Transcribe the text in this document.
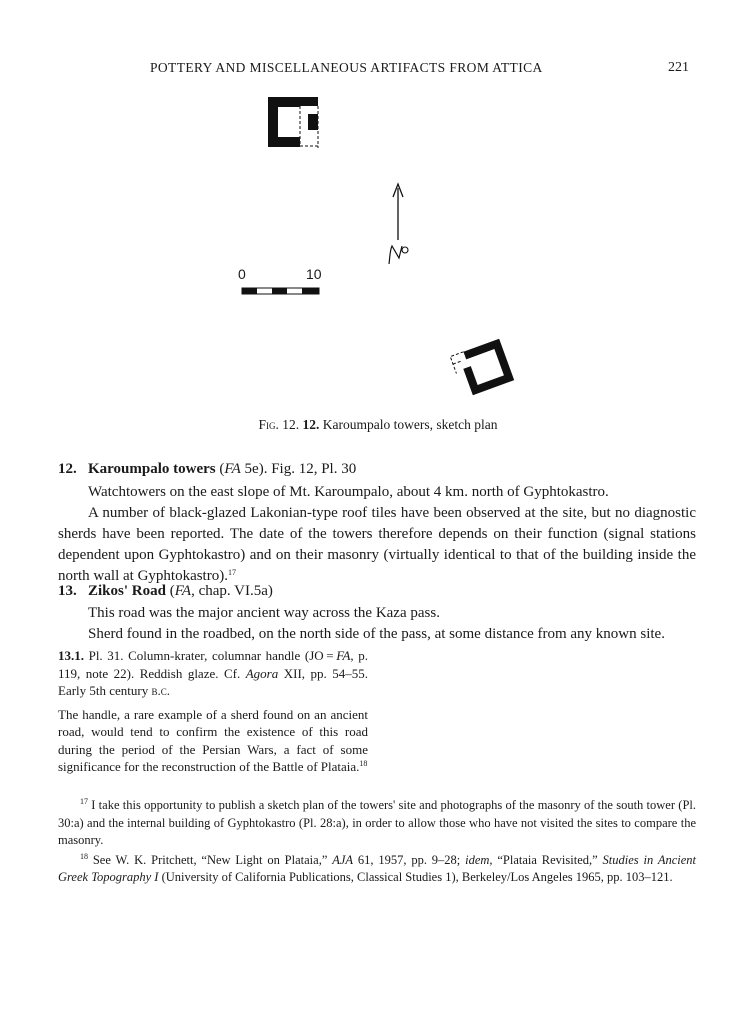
POTTERY AND MISCELLANEOUS ARTIFACTS FROM ATTICA	221
0	10
Fig. 12. 12. Karoumpalo towers, sketch plan
12. Karoumpalo towers (FA 5e). Fig. 12, Pl. 30
Watchtowers on the east slope of Mt. Karoumpalo, about 4 km. north of Gyphtokastro.
A number of black-glazed Lakonian-type roof tiles have been observed at the site, but no diagnostic sherds have been reported. The date of the towers therefore depends on their function (signal stations dependent upon Gyphtokastro) and on their masonry (virtually identical to that of the building inside the north wall at Gyphtokastro).$^{17}$
13. Zikos' Road (FA, chap. VI.5a)
This road was the major ancient way across the Kaza pass.
Sherd found in the roadbed, on the north side of the pass, at some distance from any known site.
13.1. Pl. 31. Column-krater, columnar handle (JO = FA, p. 119, note 22). Reddish glaze. Cf. Agora XII, pp. 54–55. Early 5th century b.c.
The handle, a rare example of a sherd found on an ancient road, would tend to confirm the existence of this road during the period of the Persian Wars, a fact of some significance for the reconstruction of the Battle of Plataia.$^{18}$

$^{17}$ I take this opportunity to publish a sketch plan of the towers' site and photographs of the masonry of the south tower (Pl. 30:a) and the internal building of Gyphtokastro (Pl. 28:a), in order to allow those who have not visited the sites to compare the masonry.

$^{18}$ See W. K. Pritchett, “New Light on Plataia,” AJA 61, 1957, pp. 9–28; idem, “Plataia Revisited,” Studies in Ancient Greek Topography I (University of California Publications, Classical Studies 1), Berkeley/Los Angeles 1965, pp. 103–121.
